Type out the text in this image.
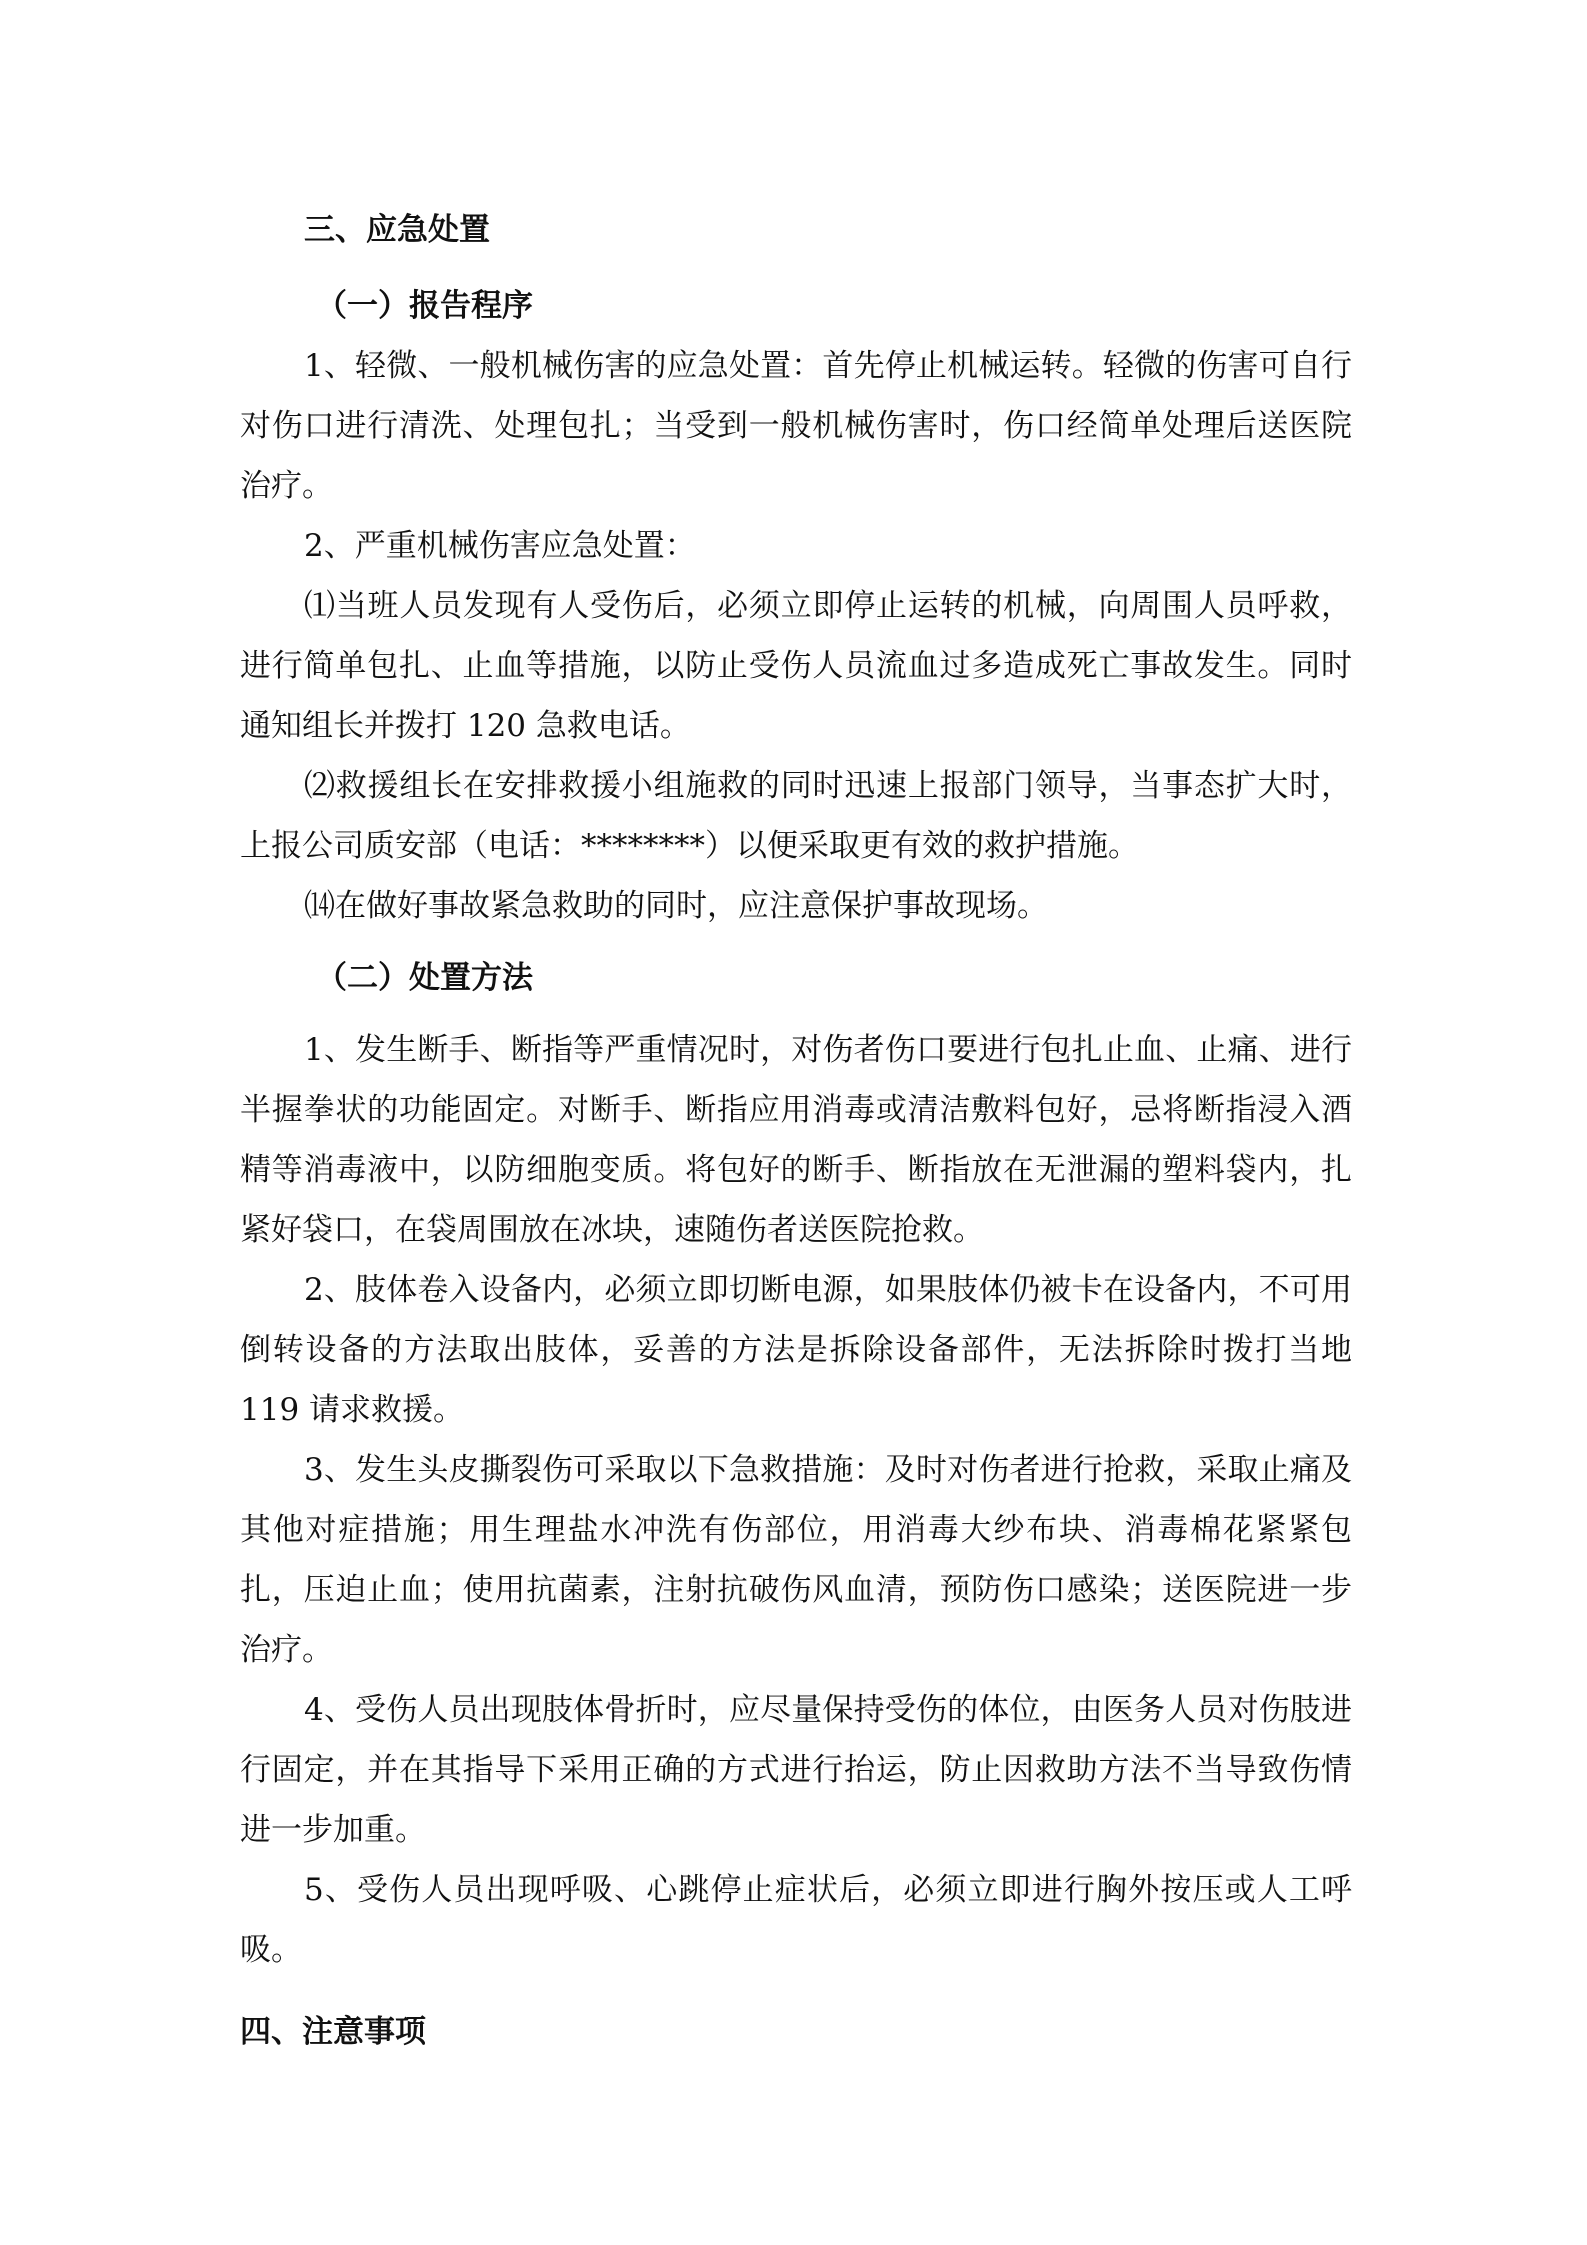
三、应急处置

（一）报告程序

1、轻微、一般机械伤害的应急处置：首先停止机械运转。轻微的伤害可自行对伤口进行清洗、处理包扎；当受到一般机械伤害时，伤口经简单处理后送医院治疗。

2、严重机械伤害应急处置：

⑴当班人员发现有人受伤后，必须立即停止运转的机械，向周围人员呼救，进行简单包扎、止血等措施，以防止受伤人员流血过多造成死亡事故发生。同时通知组长并拨打 120 急救电话。

⑵救援组长在安排救援小组施救的同时迅速上报部门领导，当事态扩大时，上报公司质安部（电话：********）以便采取更有效的救护措施。

⒁在做好事故紧急救助的同时，应注意保护事故现场。

（二）处置方法

1、发生断手、断指等严重情况时，对伤者伤口要进行包扎止血、止痛、进行半握拳状的功能固定。对断手、断指应用消毒或清洁敷料包好，忌将断指浸入酒精等消毒液中，以防细胞变质。将包好的断手、断指放在无泄漏的塑料袋内，扎紧好袋口，在袋周围放在冰块，速随伤者送医院抢救。

2、肢体卷入设备内，必须立即切断电源，如果肢体仍被卡在设备内，不可用倒转设备的方法取出肢体，妥善的方法是拆除设备部件，无法拆除时拨打当地 119 请求救援。

3、发生头皮撕裂伤可采取以下急救措施：及时对伤者进行抢救，采取止痛及其他对症措施；用生理盐水冲洗有伤部位，用消毒大纱布块、消毒棉花紧紧包扎，压迫止血；使用抗菌素，注射抗破伤风血清，预防伤口感染；送医院进一步治疗。

4、受伤人员出现肢体骨折时，应尽量保持受伤的体位，由医务人员对伤肢进行固定，并在其指导下采用正确的方式进行抬运，防止因救助方法不当导致伤情进一步加重。

5、受伤人员出现呼吸、心跳停止症状后，必须立即进行胸外按压或人工呼吸。

四、注意事项
